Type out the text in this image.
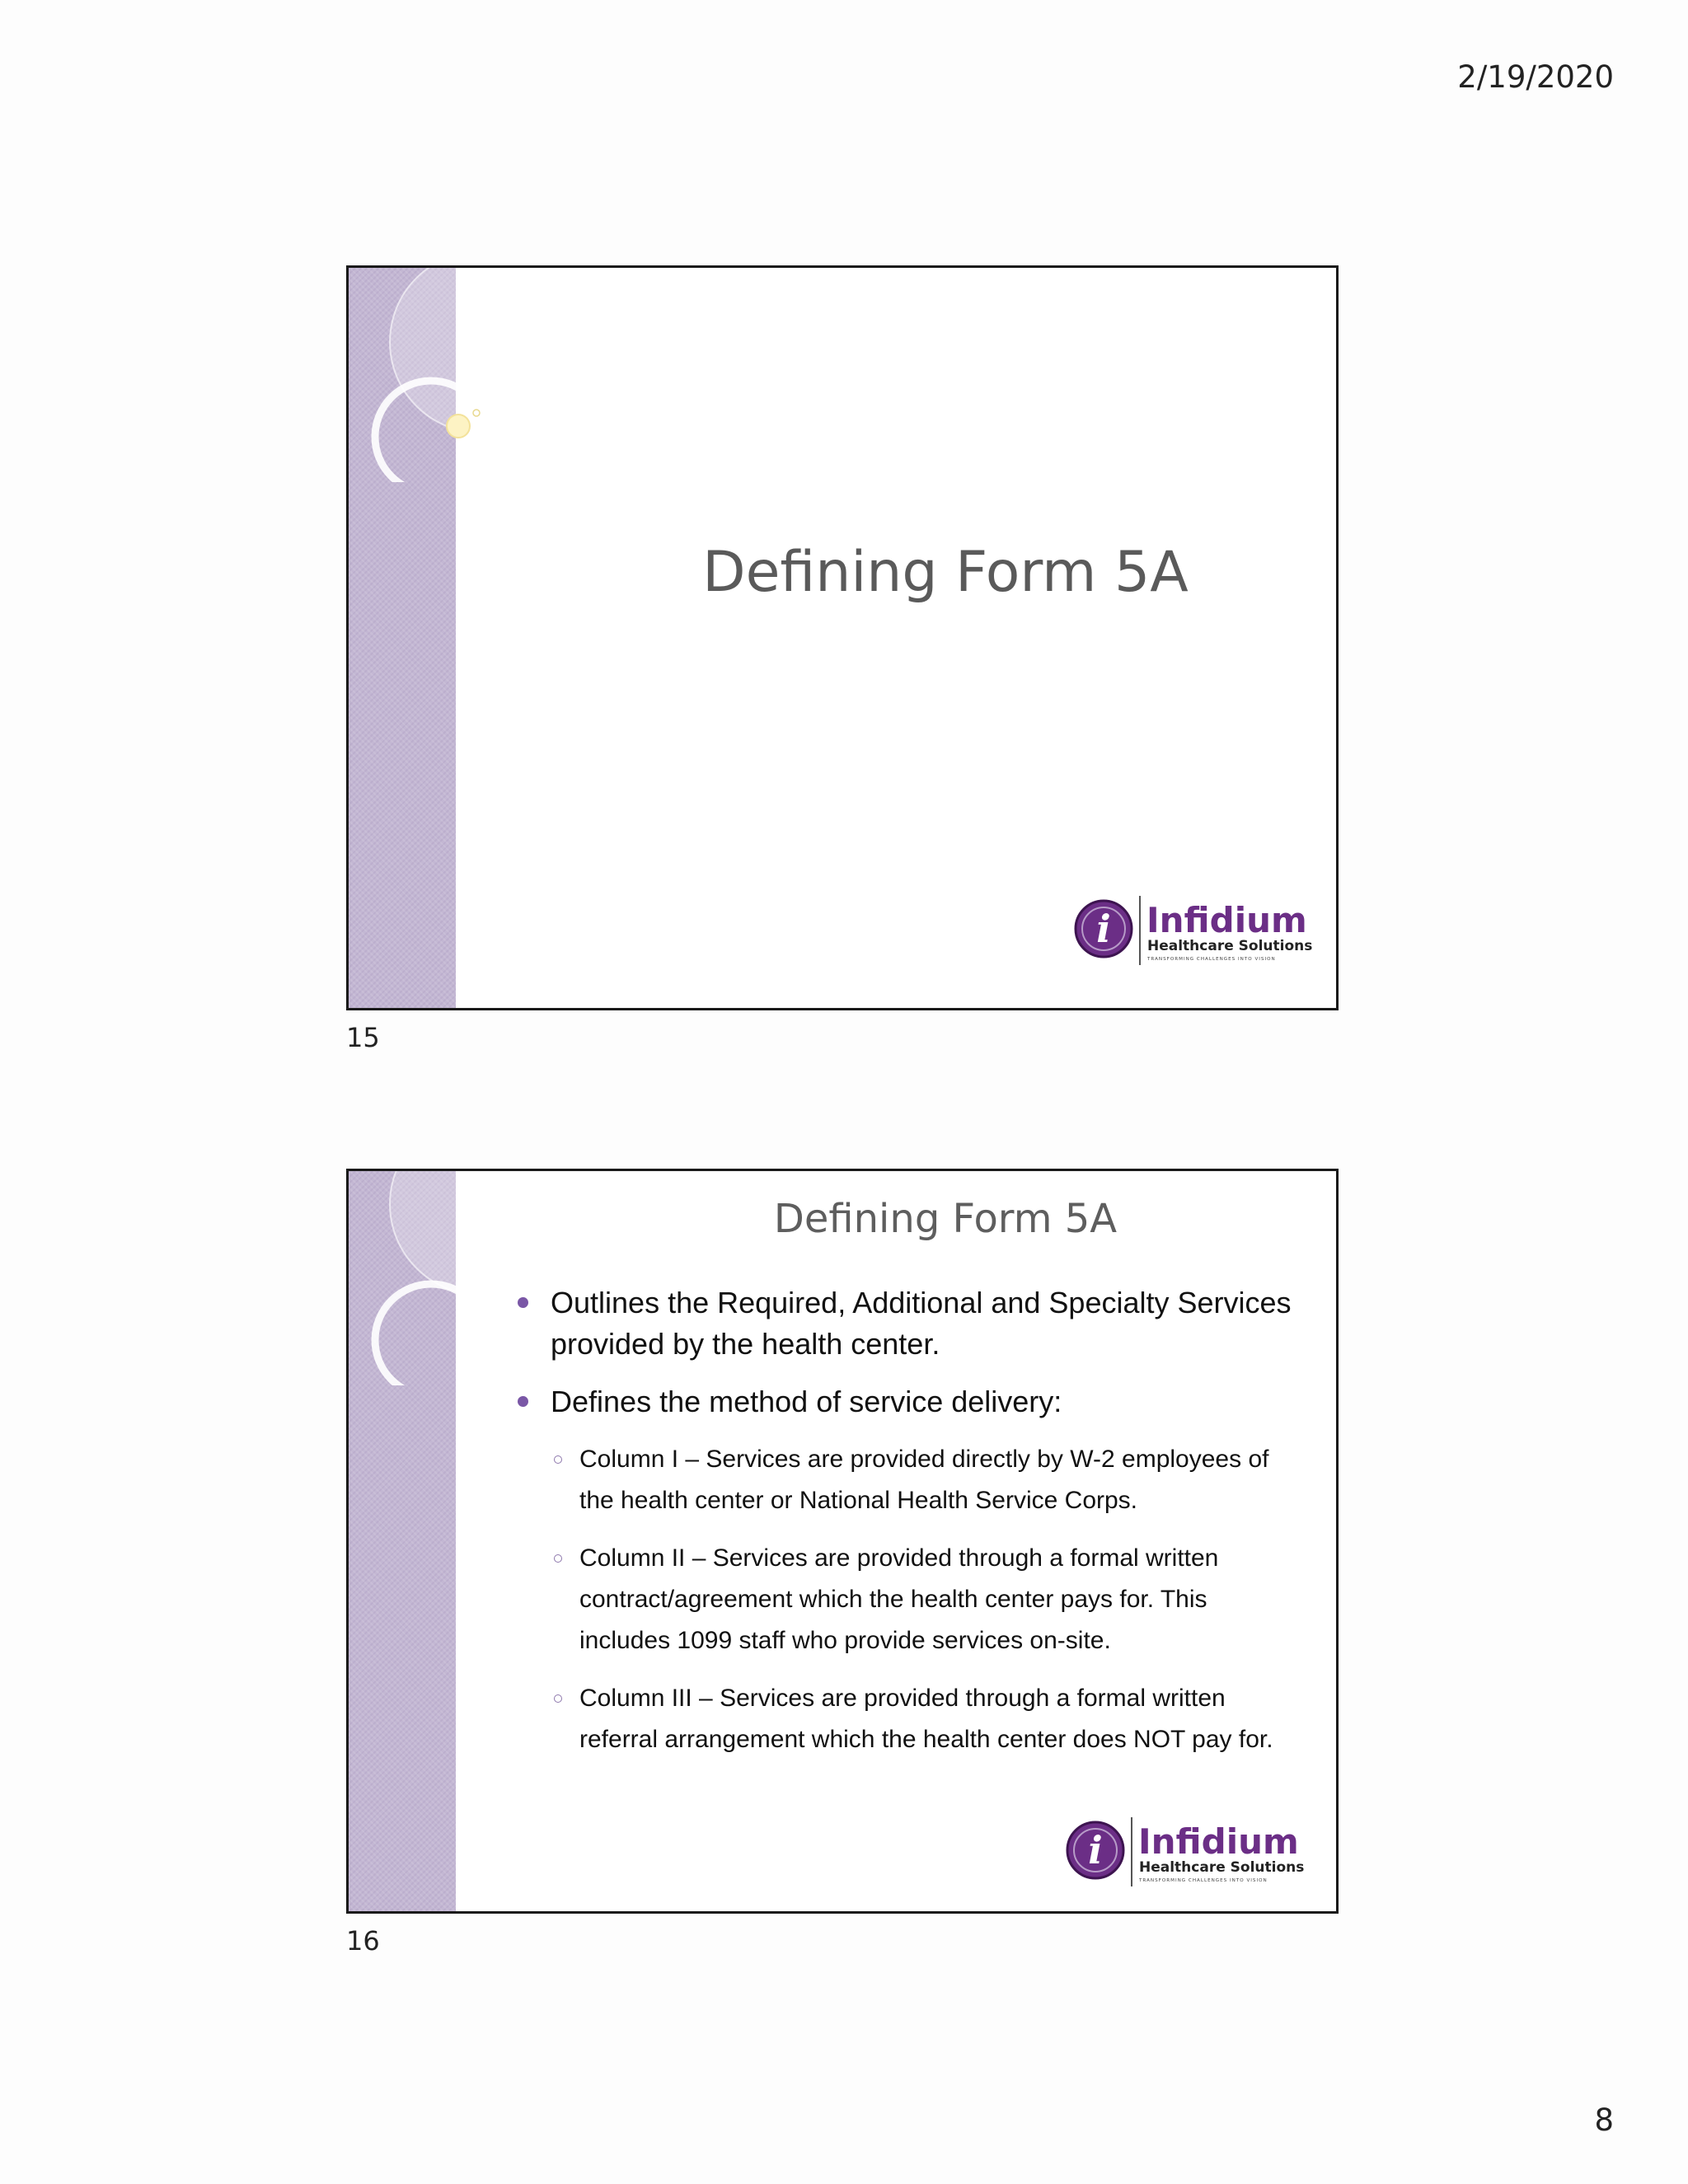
2/19/2020
Defining Form 5A
i Infidium
Healthcare Solutions
TRANSFORMING CHALLENGES INTO VISION
15
Defining Form 5A
Outlines the Required, Additional and Specialty Services provided by the health center.
Defines the method of service delivery:
Column I – Services are provided directly by W-2 employees of the health center or National Health Service Corps.
Column II – Services are provided through a formal written contract/agreement which the health center pays for. This includes 1099 staff who provide services on-site.
Column III – Services are provided through a formal written referral arrangement which the health center does NOT pay for.
i Infidium
Healthcare Solutions
TRANSFORMING CHALLENGES INTO VISION
16
8
